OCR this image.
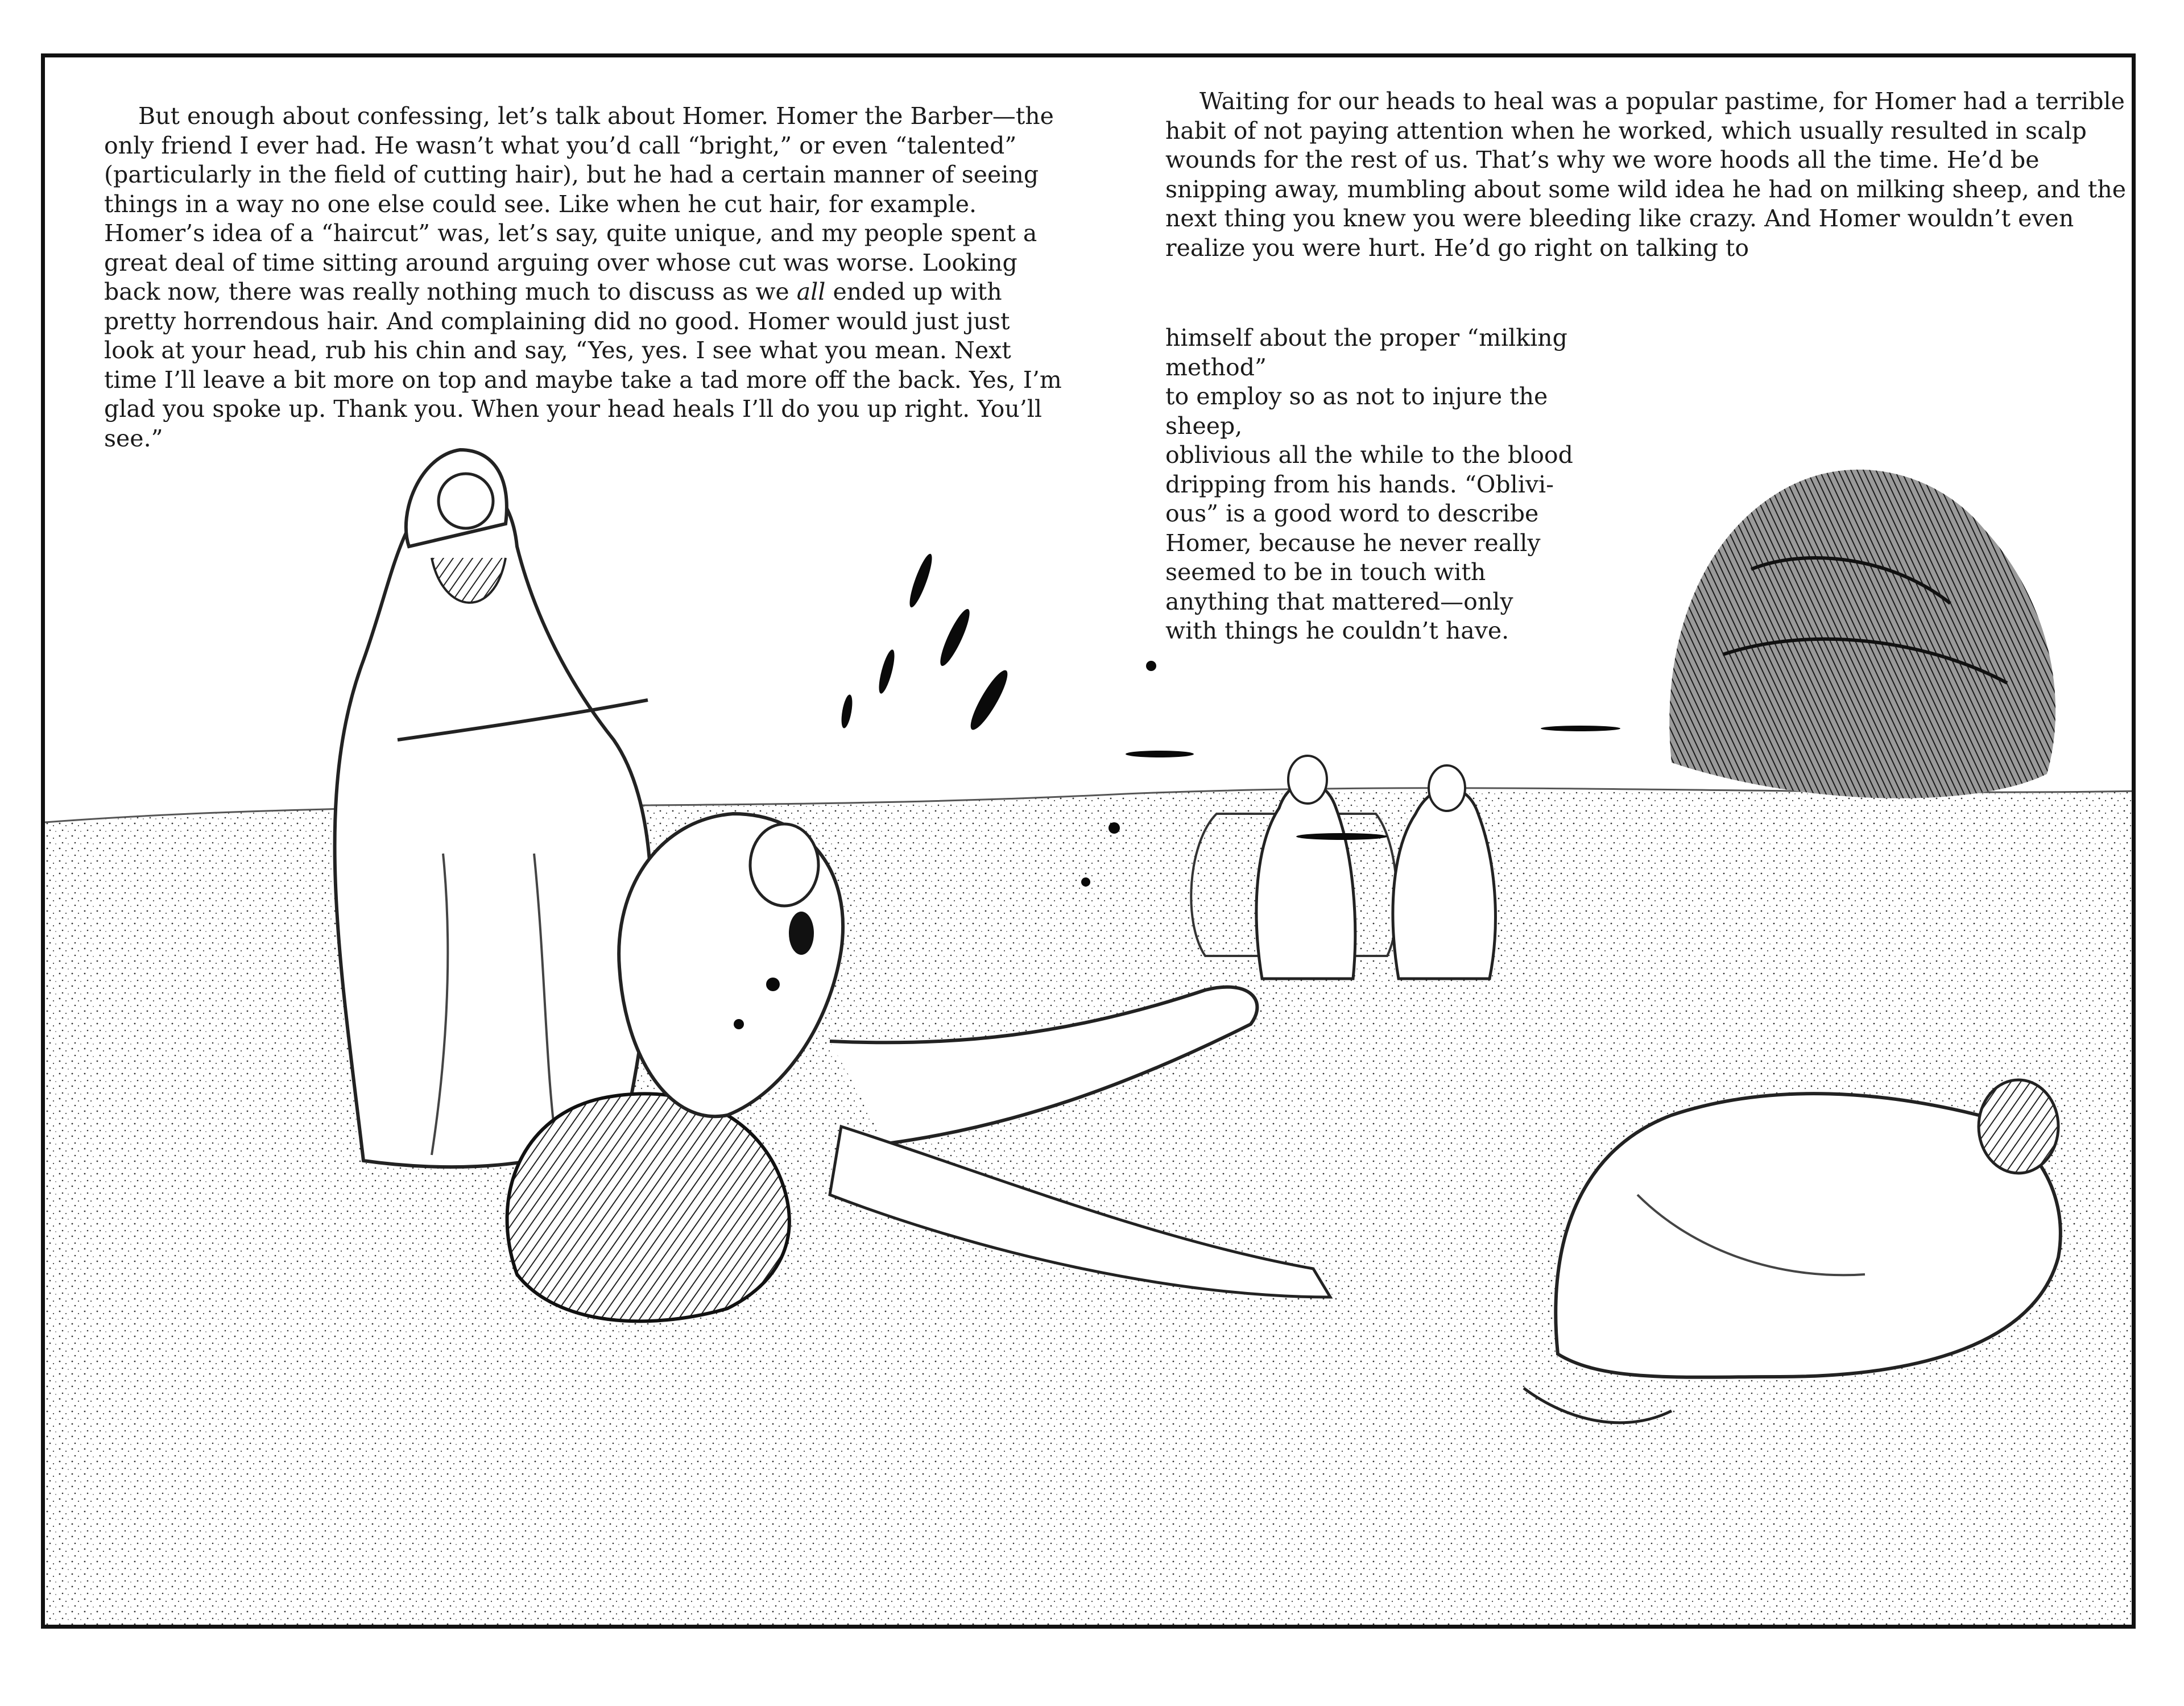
But enough about confessing, let’s talk about Homer. Homer the Barber—the only friend I ever had. He wasn’t what you’d call “bright,” or even “talented” (particularly in the field of cutting hair), but he had a certain manner of seeing things in a way no one else could see. Like when he cut hair, for example. Homer’s idea of a “haircut” was, let’s say, quite unique, and my people spent a great deal of time sitting around arguing over whose cut was worse. Looking back now, there was really nothing much to discuss as we all ended up with pretty horrendous hair. And complaining did no good. Homer would just just look at your head, rub his chin and say, “Yes, yes. I see what you mean. Next time I’ll leave a bit more on top and maybe take a tad more off the back. Yes, I’m glad you spoke up. Thank you. When your head heals I’ll do you up right. You’ll see.”

Waiting for our heads to heal was a popular pastime, for Homer had a terrible habit of not paying attention when he worked, which usually resulted in scalp wounds for the rest of us. That’s why we wore hoods all the time. He’d be snipping away, mumbling about some wild idea he had on milking sheep, and the next thing you knew you were bleeding like crazy. And Homer wouldn’t even realize you were hurt. He’d go right on talking to

himself about the proper “milking method”
to employ so as not to injure the sheep,
oblivious all the while to the blood
dripping from his hands. “Oblivi-
ous” is a good word to describe
Homer, because he never really
seemed to be in touch with
anything that mattered—only
with things he couldn’t have.
